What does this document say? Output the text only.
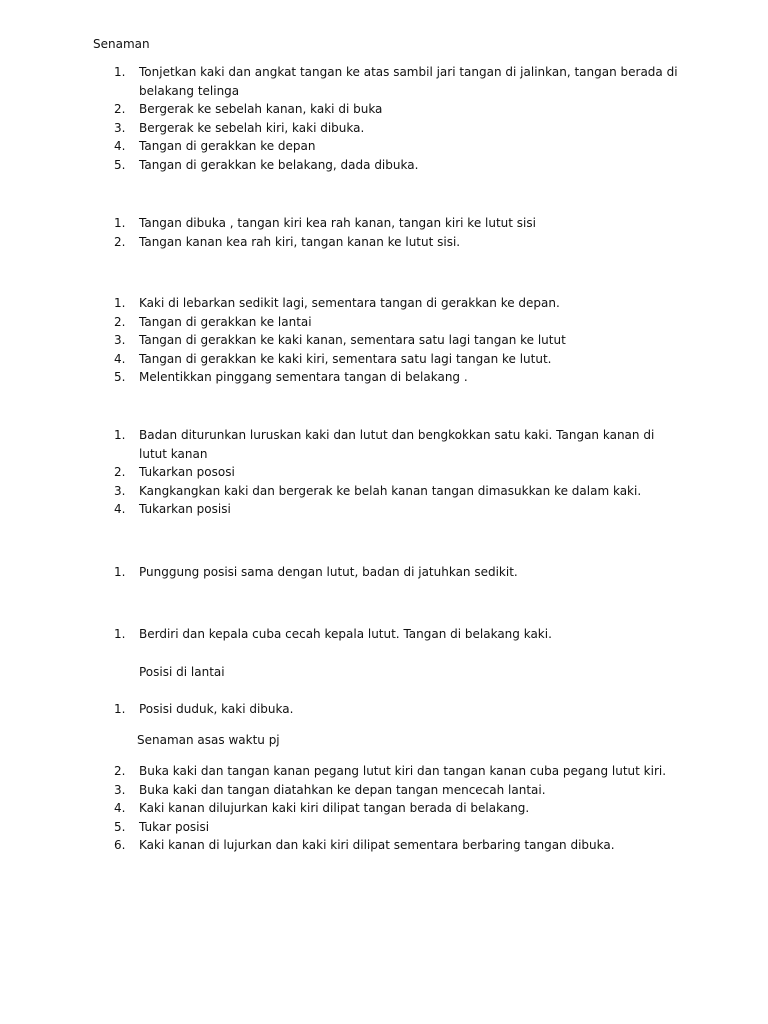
Senaman
1. Tonjetkan kaki dan angkat tangan ke atas sambil jari tangan di jalinkan, tangan berada di belakang telinga
2. Bergerak ke sebelah kanan, kaki di buka
3. Bergerak ke sebelah kiri, kaki dibuka.
4. Tangan di gerakkan ke depan
5. Tangan di gerakkan ke belakang, dada dibuka.
1. Tangan dibuka , tangan kiri kea rah kanan, tangan kiri ke lutut sisi
2. Tangan kanan kea rah kiri, tangan kanan ke lutut sisi.
1. Kaki di lebarkan sedikit lagi, sementara tangan di gerakkan ke depan.
2. Tangan di gerakkan ke lantai
3. Tangan di gerakkan ke kaki kanan, sementara satu lagi tangan ke lutut
4. Tangan di gerakkan ke kaki kiri, sementara satu lagi tangan ke lutut.
5. Melentikkan pinggang sementara tangan di belakang .
1. Badan diturunkan luruskan kaki dan lutut dan bengkokkan satu kaki. Tangan kanan di lutut kanan
2. Tukarkan pososi
3. Kangkangkan kaki dan bergerak ke belah kanan tangan dimasukkan ke dalam kaki.
4. Tukarkan posisi
1. Punggung posisi sama dengan lutut, badan di jatuhkan sedikit.
1. Berdiri dan kepala cuba cecah kepala lutut. Tangan di belakang kaki.
Posisi di lantai
1. Posisi duduk, kaki dibuka.
Senaman asas waktu pj
2. Buka kaki dan tangan kanan pegang lutut kiri dan tangan kanan cuba pegang lutut kiri.
3. Buka kaki dan tangan diatahkan ke depan tangan mencecah lantai.
4. Kaki kanan dilujurkan kaki kiri dilipat tangan berada di belakang.
5. Tukar posisi
6. Kaki kanan di lujurkan dan kaki kiri dilipat sementara berbaring tangan dibuka.
